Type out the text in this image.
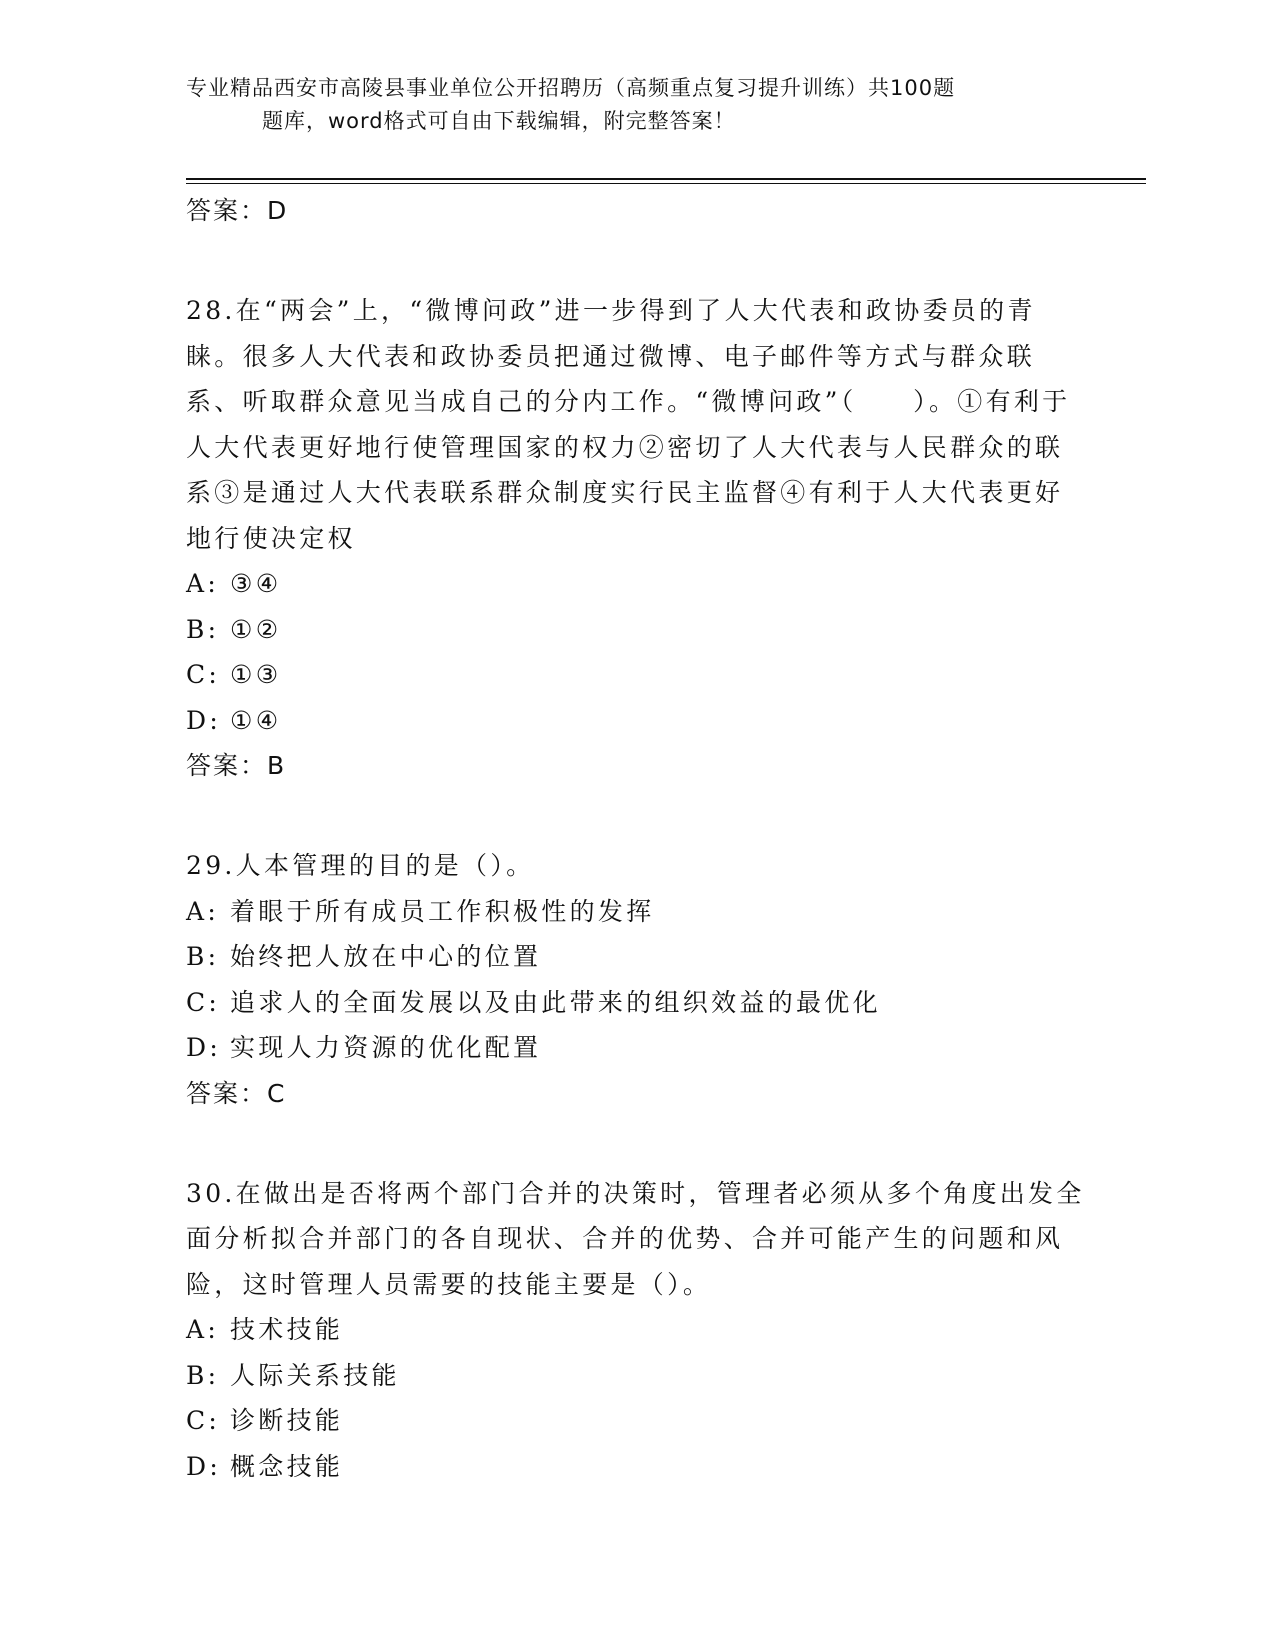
专业精品西安市高陵县事业单位公开招聘历（高频重点复习提升训练）共100题
题库，word格式可自由下载编辑，附完整答案！
答案：D
28.在“两会”上，“微博问政”进一步得到了人大代表和政协委员的青睐。很多人大代表和政协委员把通过微博、电子邮件等方式与群众联系、听取群众意见当成自己的分内工作。“微博问政”（　　）。①有利于人大代表更好地行使管理国家的权力②密切了人大代表与人民群众的联系③是通过人大代表联系群众制度实行民主监督④有利于人大代表更好地行使决定权
A: ③④
B: ①②
C: ①③
D: ①④
答案：B
29.人本管理的目的是（）。
A: 着眼于所有成员工作积极性的发挥
B: 始终把人放在中心的位置
C: 追求人的全面发展以及由此带来的组织效益的最优化
D: 实现人力资源的优化配置
答案：C
30.在做出是否将两个部门合并的决策时，管理者必须从多个角度出发全面分析拟合并部门的各自现状、合并的优势、合并可能产生的问题和风险，这时管理人员需要的技能主要是（）。
A: 技术技能
B: 人际关系技能
C: 诊断技能
D: 概念技能
